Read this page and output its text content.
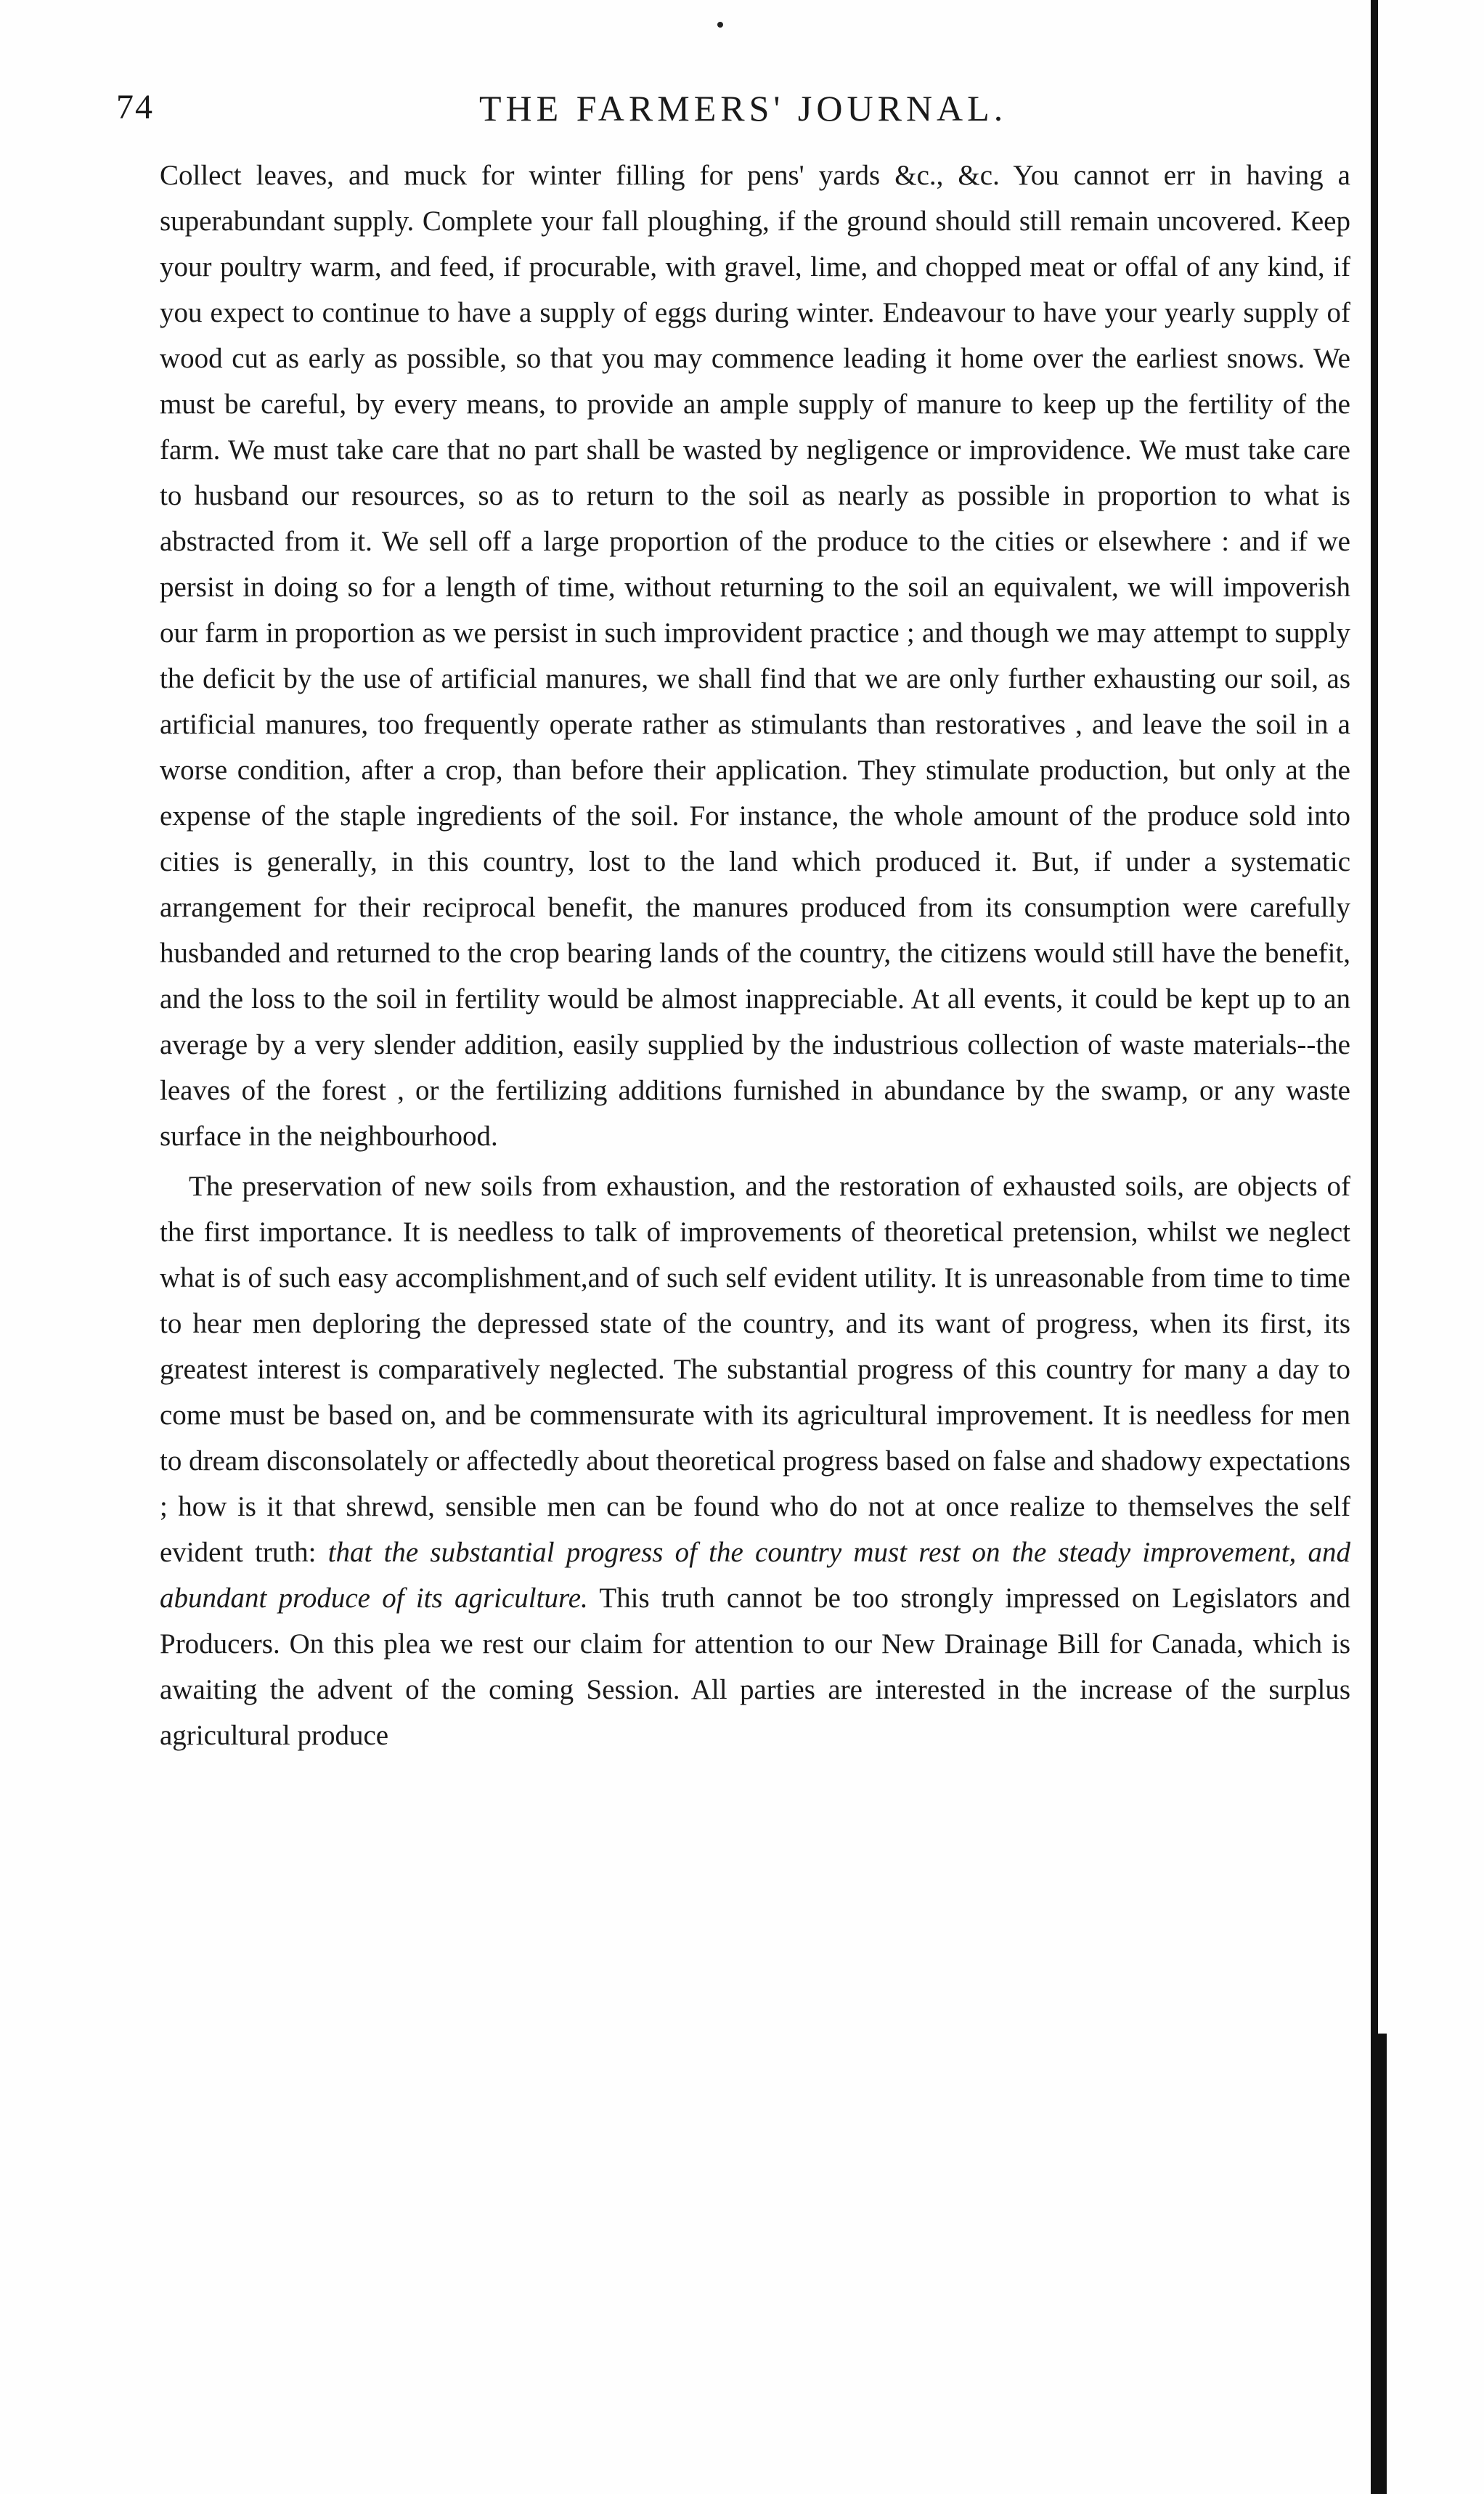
74	THE FARMERS' JOURNAL.

Collect leaves, and muck for winter filling for pens' yards &c., &c. You cannot err in having a superabundant supply. Complete your fall ploughing, if the ground should still remain uncovered. Keep your poultry warm, and feed, if procurable, with gravel, lime, and chopped meat or offal of any kind, if you expect to continue to have a supply of eggs during winter. Endeavour to have your yearly supply of wood cut as early as possible, so that you may commence leading it home over the earliest snows. We must be careful, by every means, to provide an ample supply of manure to keep up the fertility of the farm. We must take care that no part shall be wasted by negligence or improvidence. We must take care to husband our resources, so as to return to the soil as nearly as possible in proportion to what is abstracted from it. We sell off a large proportion of the produce to the cities or elsewhere : and if we persist in doing so for a length of time, without returning to the soil an equivalent, we will impoverish our farm in proportion as we persist in such improvident practice ; and though we may attempt to supply the deficit by the use of artificial manures, we shall find that we are only further exhausting our soil, as artificial manures, too frequently operate rather as stimulants than restoratives , and leave the soil in a worse condition, after a crop, than before their application. They stimulate production, but only at the expense of the staple ingredients of the soil. For instance, the whole amount of the produce sold into cities is generally, in this country, lost to the land which produced it. But, if under a systematic arrangement for their reciprocal benefit, the manures produced from its consumption were carefully husbanded and returned to the crop bearing lands of the country, the citizens would still have the benefit, and the loss to the soil in fertility would be almost inappreciable. At all events, it could be kept up to an average by a very slender addition, easily supplied by the industrious collection of waste materials--the leaves of the forest , or the fertilizing additions furnished in abundance by the swamp, or any waste surface in the neighbourhood.

The preservation of new soils from exhaustion, and the restoration of exhausted soils, are objects of the first importance. It is needless to talk of improvements of theoretical pretension, whilst we neglect what is of such easy accomplishment,and of such self evident utility. It is unreasonable from time to time to hear men deploring the depressed state of the country, and its want of progress, when its first, its greatest interest is comparatively neglected. The substantial progress of this country for many a day to come must be based on, and be commensurate with its agricultural improvement. It is needless for men to dream disconsolately or affectedly about theoretical progress based on false and shadowy expectations ; how is it that shrewd, sensible men can be found who do not at once realize to themselves the self evident truth: that the substantial progress of the country must rest on the steady improvement, and abundant produce of its agriculture. This truth cannot be too strongly impressed on Legislators and Producers. On this plea we rest our claim for attention to our New Drainage Bill for Canada, which is awaiting the advent of the coming Session. All parties are interested in the increase of the surplus agricultural produce
